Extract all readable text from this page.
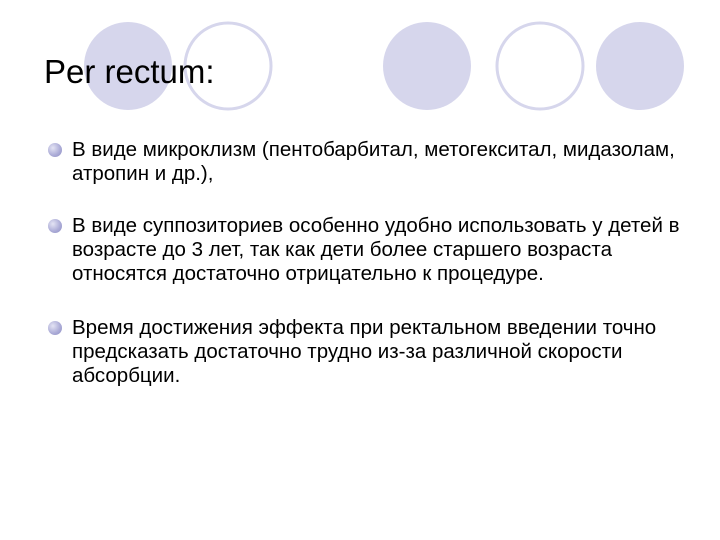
Per rectum:
В виде микроклизм (пентобарбитал, метогекситал, мидазолам, атропин и др.),
В виде суппозиториев особенно удобно использовать у детей в возрасте до 3 лет, так как дети более старшего возраста относятся достаточно отрицательно к процедуре.
Время достижения эффекта при ректальном введении точно предсказать достаточно трудно из-за различной скорости абсорбции.
